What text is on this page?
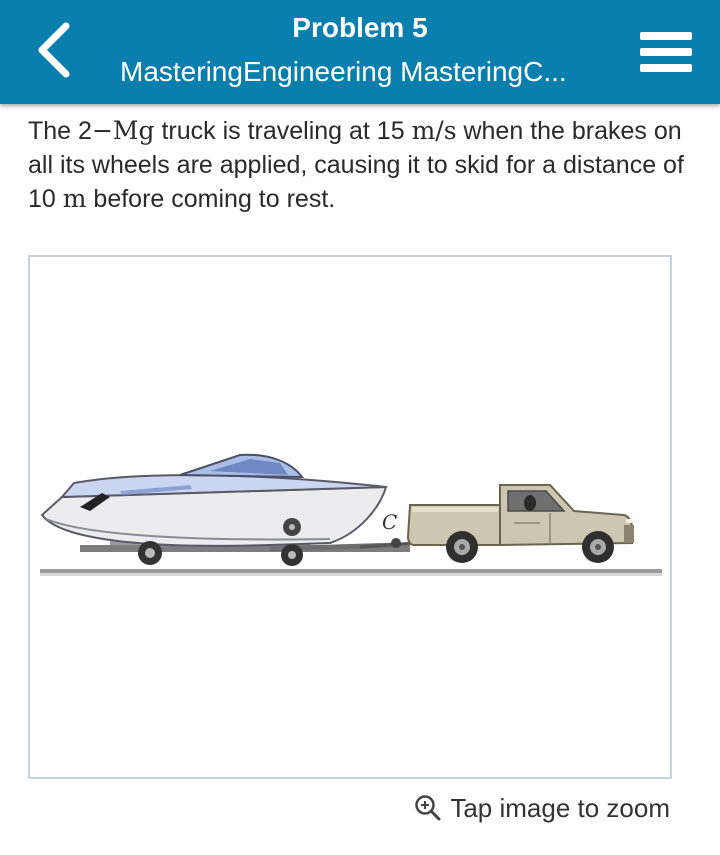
Problem 5
MasteringEngineering MasteringC...
The 2−Mg truck is traveling at 15 m/s when the brakes on all its wheels are applied, causing it to skid for a distance of 10 m before coming to rest.
C
Tap image to zoom
